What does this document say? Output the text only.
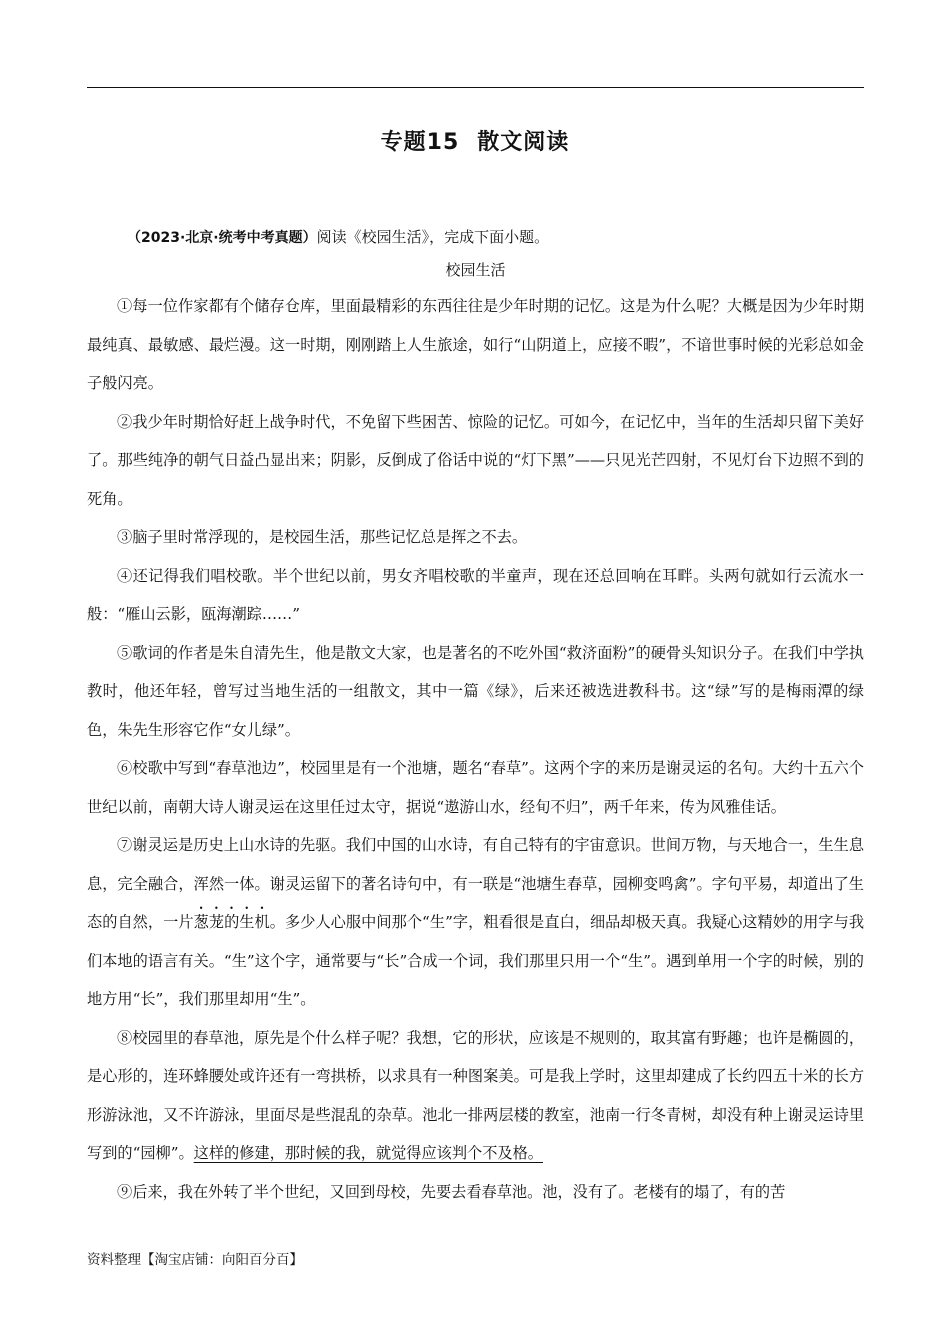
专题15 散文阅读

（2023·北京·统考中考真题）阅读《校园生活》，完成下面小题。

校园生活

①每一位作家都有个储存仓库，里面最精彩的东西往往是少年时期的记忆。这是为什么呢？大概是因为少年时期最纯真、最敏感、最烂漫。这一时期，刚刚踏上人生旅途，如行“山阴道上，应接不暇”，不谙世事时候的光彩总如金子般闪亮。

②我少年时期恰好赶上战争时代，不免留下些困苦、惊险的记忆。可如今，在记忆中，当年的生活却只留下美好了。那些纯净的朝气日益凸显出来；阴影，反倒成了俗话中说的“灯下黑”——只见光芒四射，不见灯台下边照不到的死角。

③脑子里时常浮现的，是校园生活，那些记忆总是挥之不去。

④还记得我们唱校歌。半个世纪以前，男女齐唱校歌的半童声，现在还总回响在耳畔。头两句就如行云流水一般：“雁山云影，瓯海潮踪……”

⑤歌词的作者是朱自清先生，他是散文大家，也是著名的不吃外国“救济面粉”的硬骨头知识分子。在我们中学执教时，他还年轻，曾写过当地生活的一组散文，其中一篇《绿》，后来还被选进教科书。这“绿”写的是梅雨潭的绿色，朱先生形容它作“女儿绿”。

⑥校歌中写到“春草池边”，校园里是有一个池塘，题名“春草”。这两个字的来历是谢灵运的名句。大约十五六个世纪以前，南朝大诗人谢灵运在这里任过太守，据说“遨游山水，经旬不归”，两千年来，传为风雅佳话。

⑦谢灵运是历史上山水诗的先驱。我们中国的山水诗，有自己特有的宇宙意识。世间万物，与天地合一，生生息息，完全融合，浑然一体。谢灵运留下的著名诗句中，有一联是“池塘生春草，园柳变鸣禽”。字句平易，却道出了生态的自然，一片葱茏的生机。多少人心服中间那个“生”字，粗看很是直白，细品却极天真。我疑心这精妙的用字与我们本地的语言有关。“生”这个字，通常要与“长”合成一个词，我们那里只用一个“生”。遇到单用一个字的时候，别的地方用“长”，我们那里却用“生”。

⑧校园里的春草池，原先是个什么样子呢？我想，它的形状，应该是不规则的，取其富有野趣；也许是椭圆的，是心形的，连环蜂腰处或许还有一弯拱桥，以求具有一种图案美。可是我上学时，这里却建成了长约四五十米的长方形游泳池，又不许游泳，里面尽是些混乱的杂草。池北一排两层楼的教室，池南一行冬青树，却没有种上谢灵运诗里写到的“园柳”。这样的修建，那时候的我，就觉得应该判个不及格。

⑨后来，我在外转了半个世纪，又回到母校，先要去看春草池。池，没有了。老楼有的塌了，有的苦

资料整理【淘宝店铺：向阳百分百】
